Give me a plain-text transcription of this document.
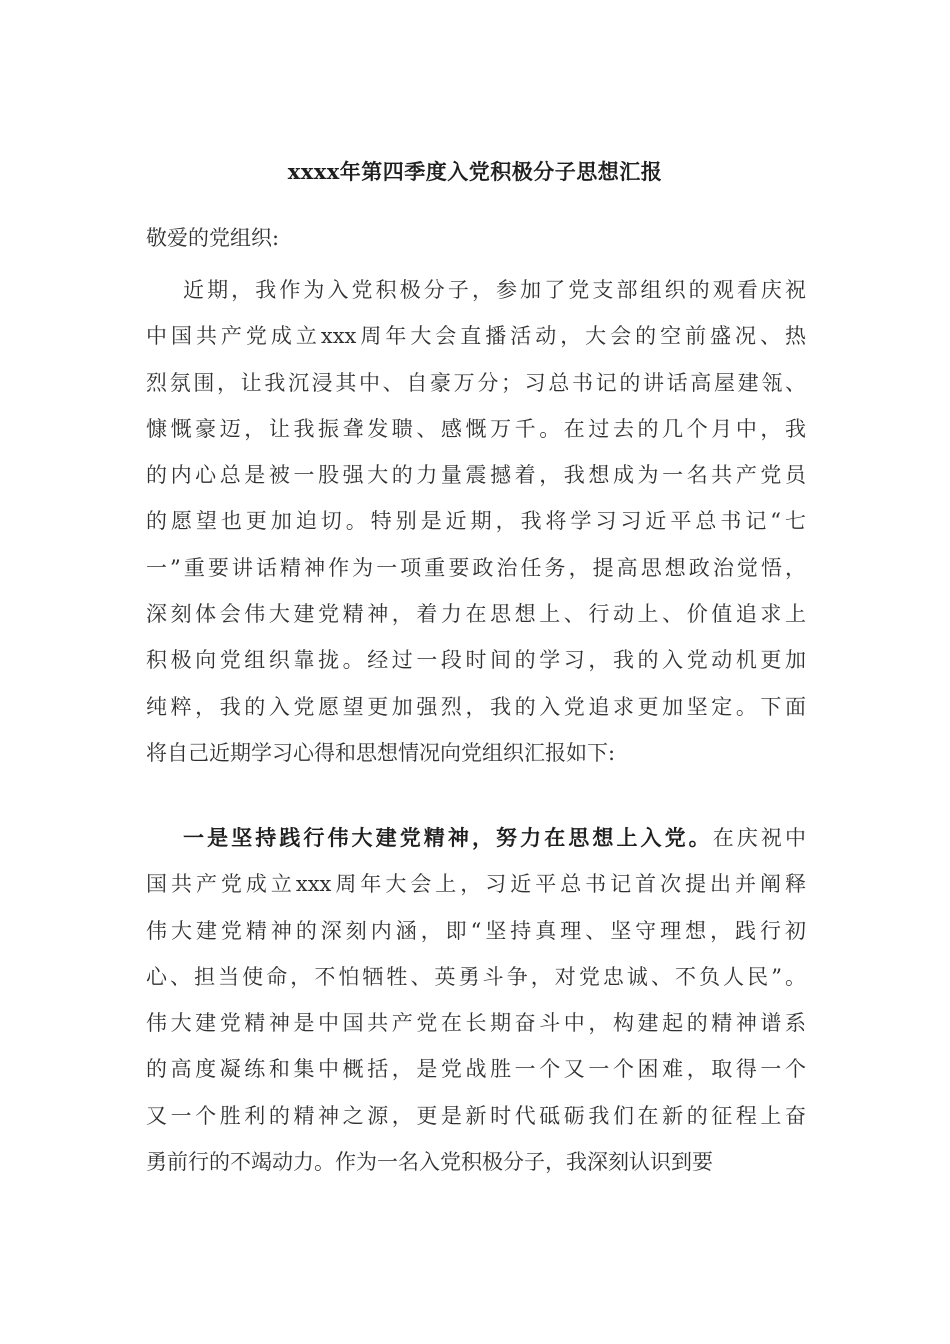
xxxx年第四季度入党积极分子思想汇报
敬爱的党组织:
近期，我作为入党积极分子，参加了党支部组织的观看庆祝
中国共产党成立xxx周年大会直播活动，大会的空前盛况、热
烈氛围，让我沉浸其中、自豪万分；习总书记的讲话高屋建瓴、
慷慨豪迈，让我振聋发聩、感慨万千。在过去的几个月中，我
的内心总是被一股强大的力量震撼着，我想成为一名共产党员
的愿望也更加迫切。特别是近期，我将学习习近平总书记“七
一”重要讲话精神作为一项重要政治任务，提高思想政治觉悟，
深刻体会伟大建党精神，着力在思想上、行动上、价值追求上
积极向党组织靠拢。经过一段时间的学习，我的入党动机更加
纯粹，我的入党愿望更加强烈，我的入党追求更加坚定。下面
将自己近期学习心得和思想情况向党组织汇报如下:
一是坚持践行伟大建党精神，努力在思想上入党。在庆祝中
国共产党成立xxx周年大会上，习近平总书记首次提出并阐释
伟大建党精神的深刻内涵，即“坚持真理、坚守理想，践行初
心、担当使命，不怕牺牲、英勇斗争，对党忠诚、不负人民”。
伟大建党精神是中国共产党在长期奋斗中，构建起的精神谱系
的高度凝练和集中概括，是党战胜一个又一个困难，取得一个
又一个胜利的精神之源，更是新时代砥砺我们在新的征程上奋
勇前行的不竭动力。作为一名入党积极分子，我深刻认识到要
